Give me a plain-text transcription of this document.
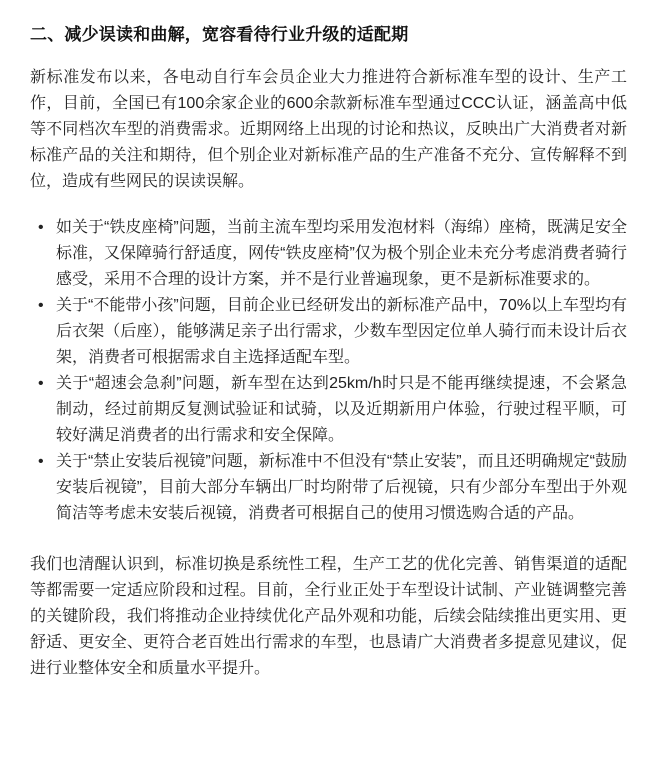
二、减少误读和曲解，宽容看待行业升级的适配期

新标准发布以来，各电动自行车会员企业大力推进符合新标准车型的设计、生产工作，目前，全国已有100余家企业的600余款新标准车型通过CCC认证，涵盖高中低等不同档次车型的消费需求。近期网络上出现的讨论和热议，反映出广大消费者对新标准产品的关注和期待，但个别企业对新标准产品的生产准备不充分、宣传解释不到位，造成有些网民的误读误解。

• 如关于“铁皮座椅”问题，当前主流车型均采用发泡材料（海绵）座椅，既满足安全标准，又保障骑行舒适度，网传“铁皮座椅”仅为极个别企业未充分考虑消费者骑行感受，采用不合理的设计方案，并不是行业普遍现象，更不是新标准要求的。
• 关于“不能带小孩”问题，目前企业已经研发出的新标准产品中，70%以上车型均有后衣架（后座），能够满足亲子出行需求，少数车型因定位单人骑行而未设计后衣架，消费者可根据需求自主选择适配车型。
• 关于“超速会急刹”问题，新车型在达到25km/h时只是不能再继续提速，不会紧急制动，经过前期反复测试验证和试骑，以及近期新用户体验，行驶过程平顺，可较好满足消费者的出行需求和安全保障。
• 关于“禁止安装后视镜”问题，新标准中不但没有“禁止安装”，而且还明确规定“鼓励安装后视镜”，目前大部分车辆出厂时均附带了后视镜，只有少部分车型出于外观简洁等考虑未安装后视镜，消费者可根据自己的使用习惯选购合适的产品。

我们也清醒认识到，标准切换是系统性工程，生产工艺的优化完善、销售渠道的适配等都需要一定适应阶段和过程。目前，全行业正处于车型设计试制、产业链调整完善的关键阶段，我们将推动企业持续优化产品外观和功能，后续会陆续推出更实用、更舒适、更安全、更符合老百姓出行需求的车型，也恳请广大消费者多提意见建议，促进行业整体安全和质量水平提升。
